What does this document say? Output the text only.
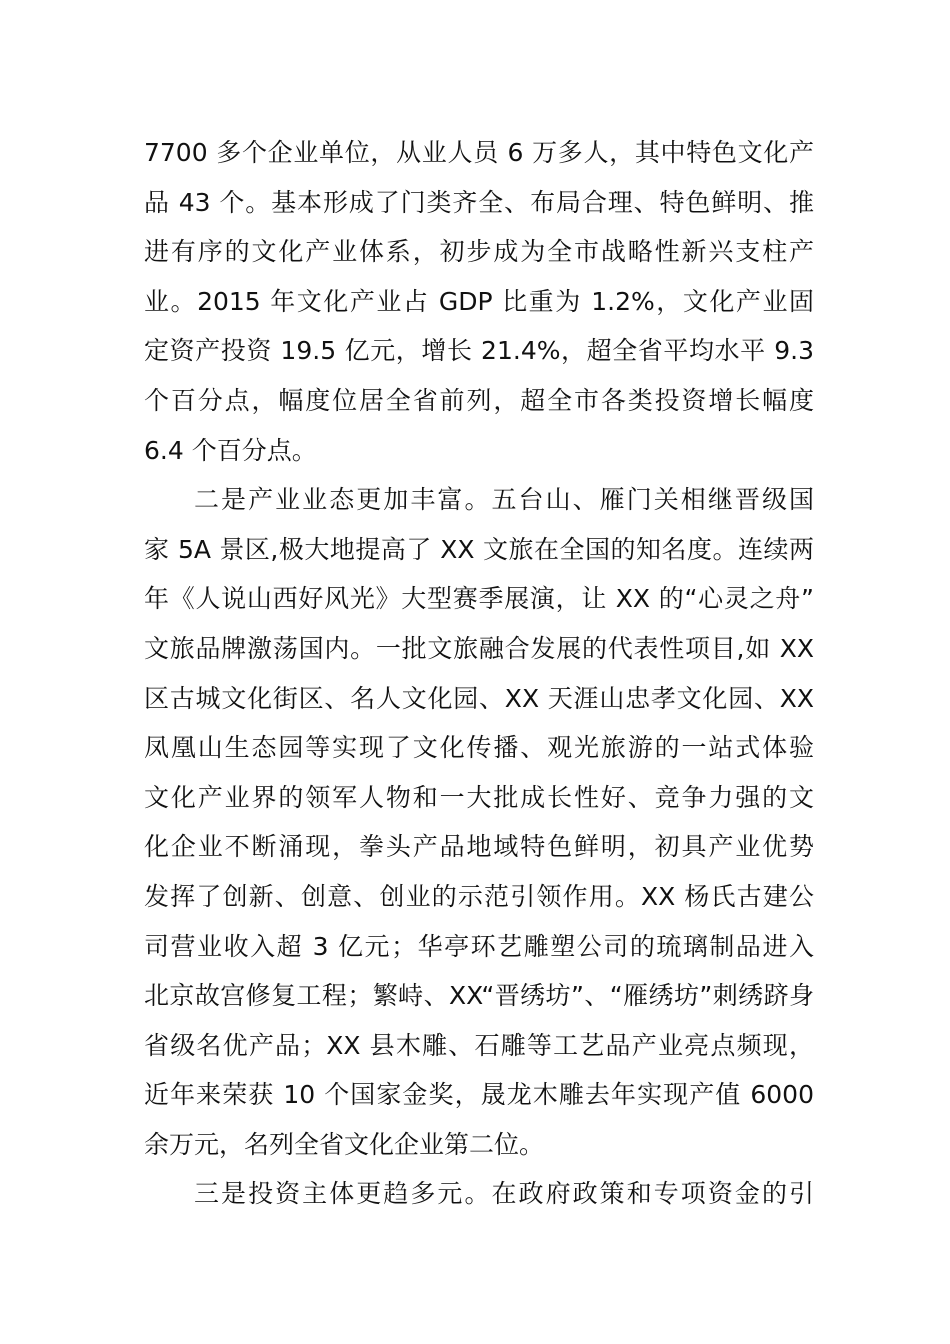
7700 多个企业单位，从业人员 6 万多人，其中特色文化产
品 43 个。基本形成了门类齐全、布局合理、特色鲜明、推
进有序的文化产业体系，初步成为全市战略性新兴支柱产
业。2015 年文化产业占 GDP 比重为 1.2%，文化产业固
定资产投资 19.5 亿元，增长 21.4%，超全省平均水平 9.3
个百分点，幅度位居全省前列，超全市各类投资增长幅度
6.4 个百分点。
二是产业业态更加丰富。五台山、雁门关相继晋级国
家 5A 景区,极大地提高了 XX 文旅在全国的知名度。连续两
年《人说山西好风光》大型赛季展演，让 XX 的“心灵之舟”
文旅品牌激荡国内。一批文旅融合发展的代表性项目,如 XX
区古城文化街区、名人文化园、XX 天涯山忠孝文化园、XX
凤凰山生态园等实现了文化传播、观光旅游的一站式体验
文化产业界的领军人物和一大批成长性好、竞争力强的文
化企业不断涌现，拳头产品地域特色鲜明，初具产业优势
发挥了创新、创意、创业的示范引领作用。XX 杨氏古建公
司营业收入超 3 亿元；华亭环艺雕塑公司的琉璃制品进入
北京故宫修复工程；繁峙、XX“晋绣坊”、“雁绣坊”刺绣跻身
省级名优产品；XX 县木雕、石雕等工艺品产业亮点频现，
近年来荣获 10 个国家金奖，晟龙木雕去年实现产值 6000
余万元，名列全省文化企业第二位。
三是投资主体更趋多元。在政府政策和专项资金的引
